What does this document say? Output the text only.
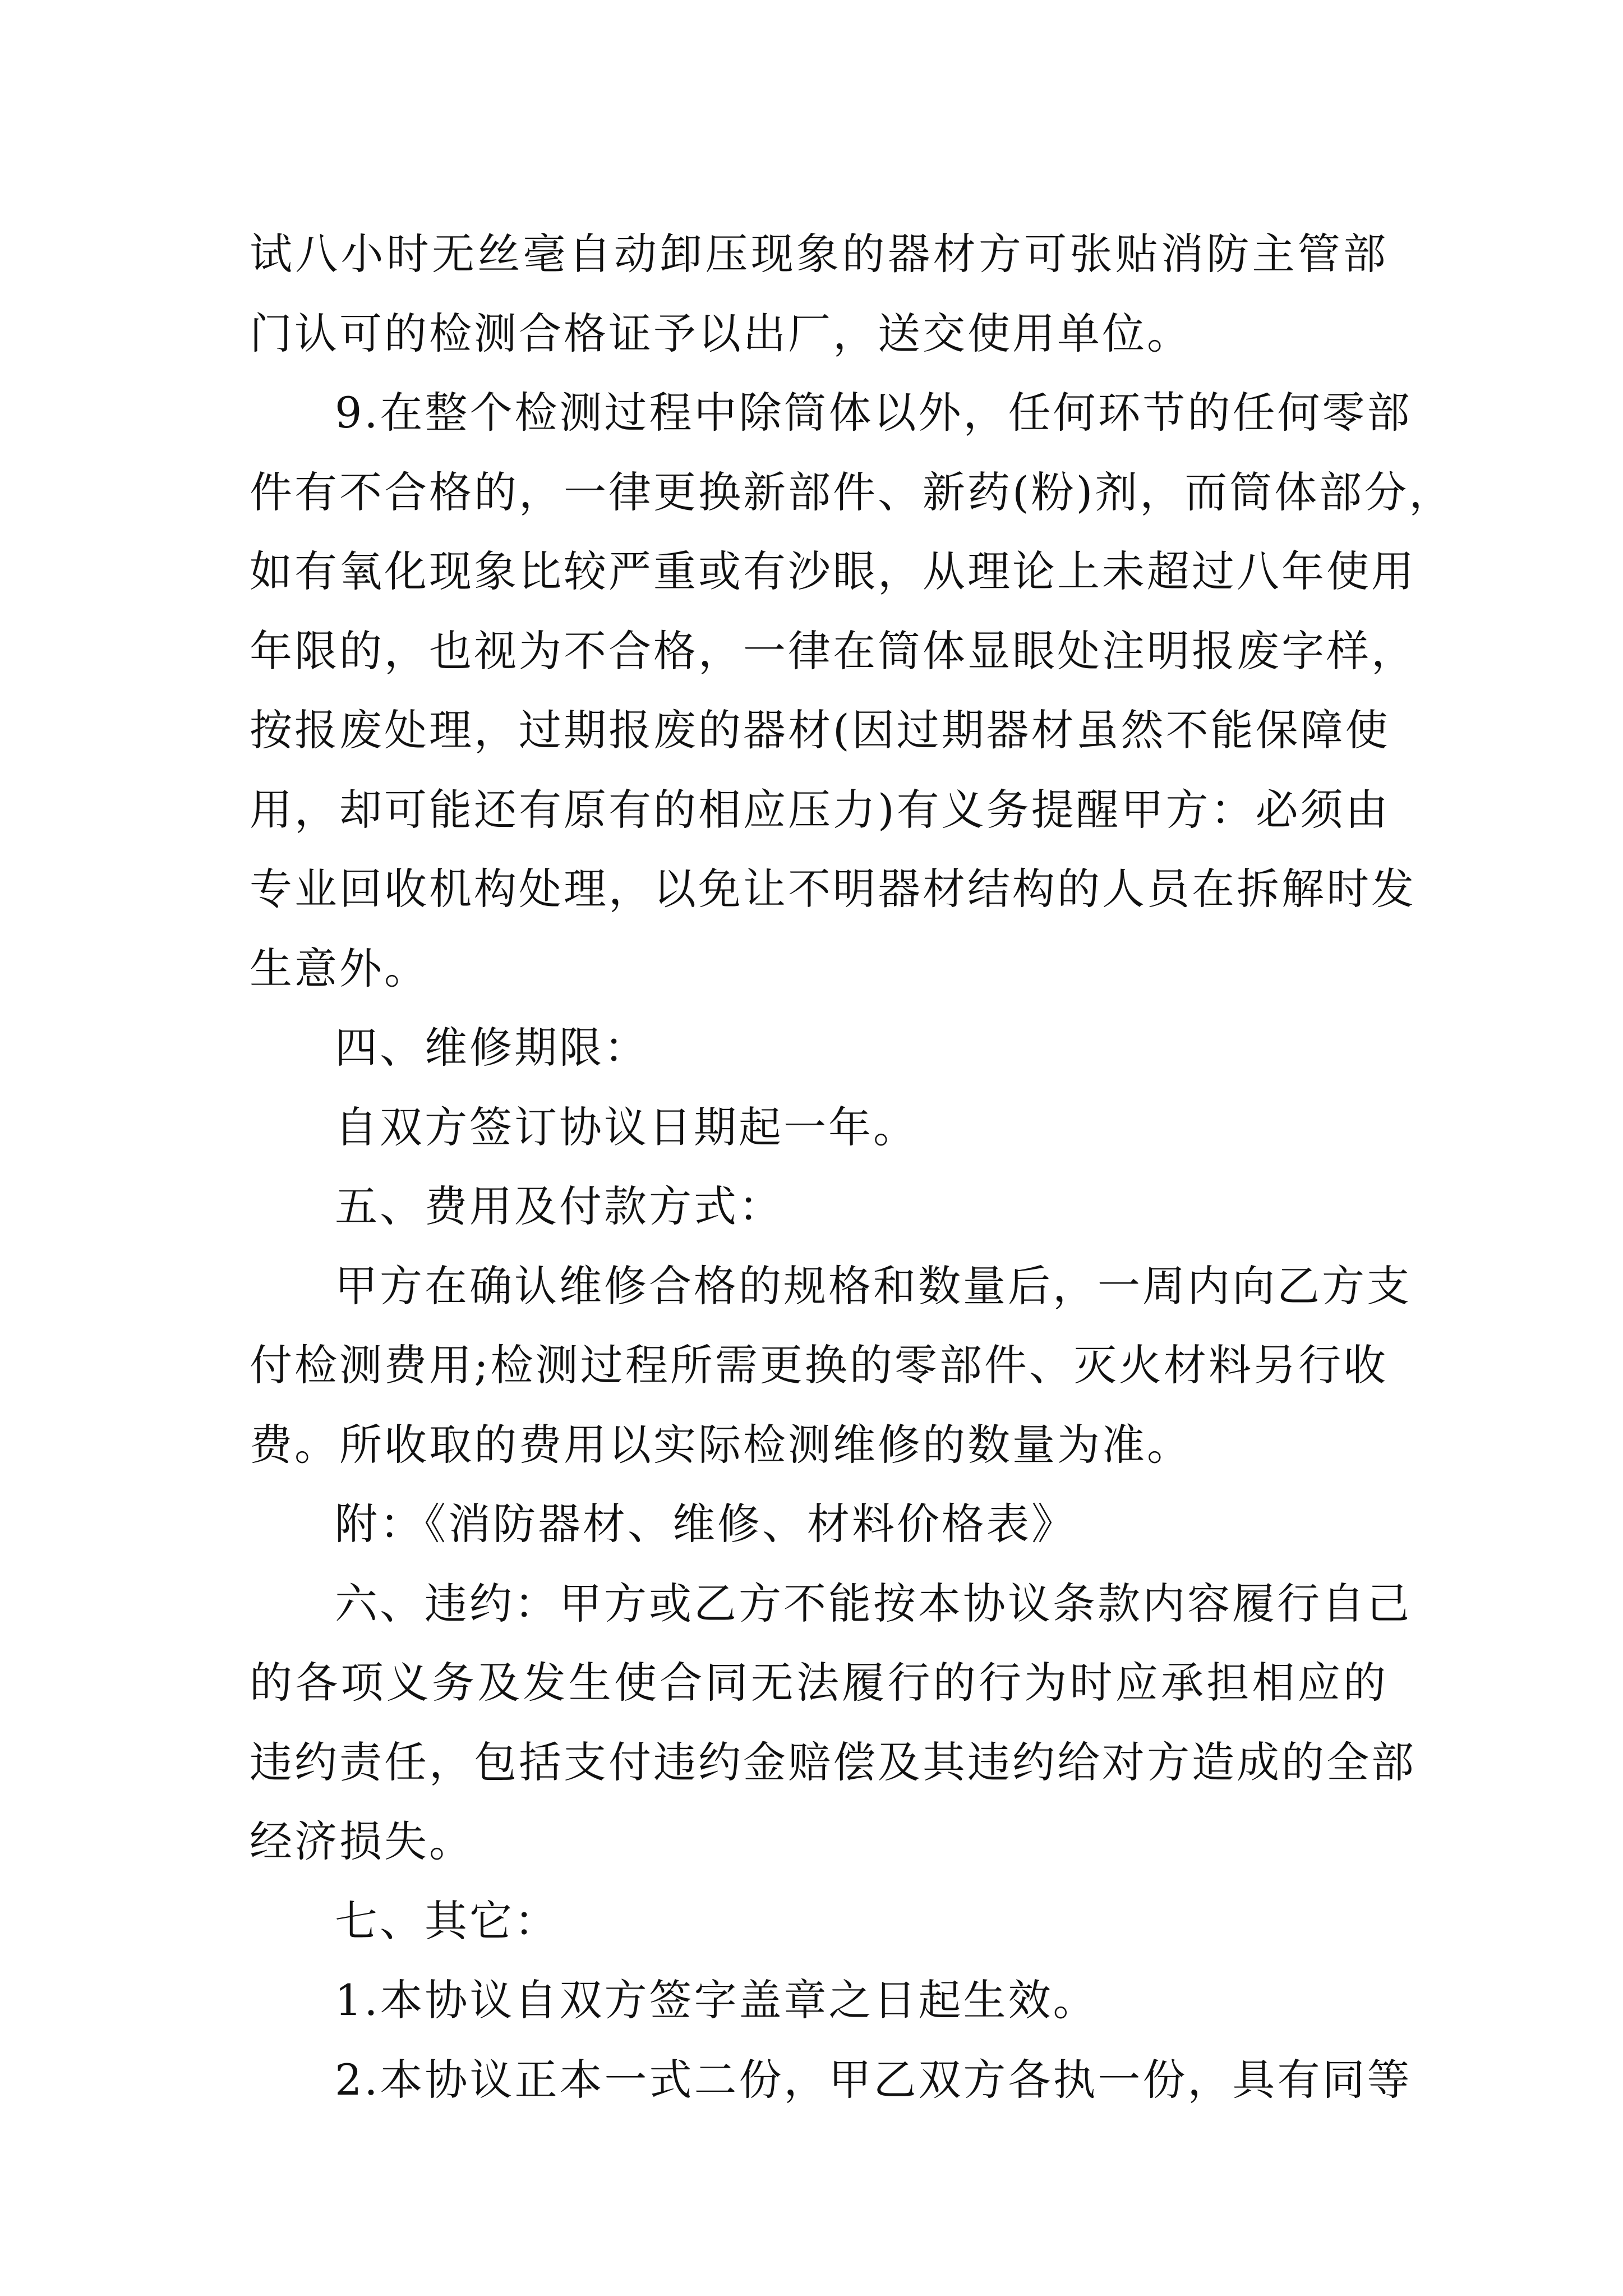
试八小时无丝毫自动卸压现象的器材方可张贴消防主管部
门认可的检测合格证予以出厂，送交使用单位。
9.在整个检测过程中除筒体以外，任何环节的任何零部
件有不合格的，一律更换新部件、新药(粉)剂，而筒体部分，
如有氧化现象比较严重或有沙眼，从理论上未超过八年使用
年限的，也视为不合格，一律在筒体显眼处注明报废字样，
按报废处理，过期报废的器材(因过期器材虽然不能保障使
用，却可能还有原有的相应压力)有义务提醒甲方：必须由
专业回收机构处理，以免让不明器材结构的人员在拆解时发
生意外。
四、维修期限：
自双方签订协议日期起一年。
五、费用及付款方式：
甲方在确认维修合格的规格和数量后，一周内向乙方支
付检测费用;检测过程所需更换的零部件、灭火材料另行收
费。所收取的费用以实际检测维修的数量为准。
附：《消防器材、维修、材料价格表》
六、违约：甲方或乙方不能按本协议条款内容履行自己
的各项义务及发生使合同无法履行的行为时应承担相应的
违约责任，包括支付违约金赔偿及其违约给对方造成的全部
经济损失。
七、其它：
1.本协议自双方签字盖章之日起生效。
2.本协议正本一式二份，甲乙双方各执一份，具有同等
